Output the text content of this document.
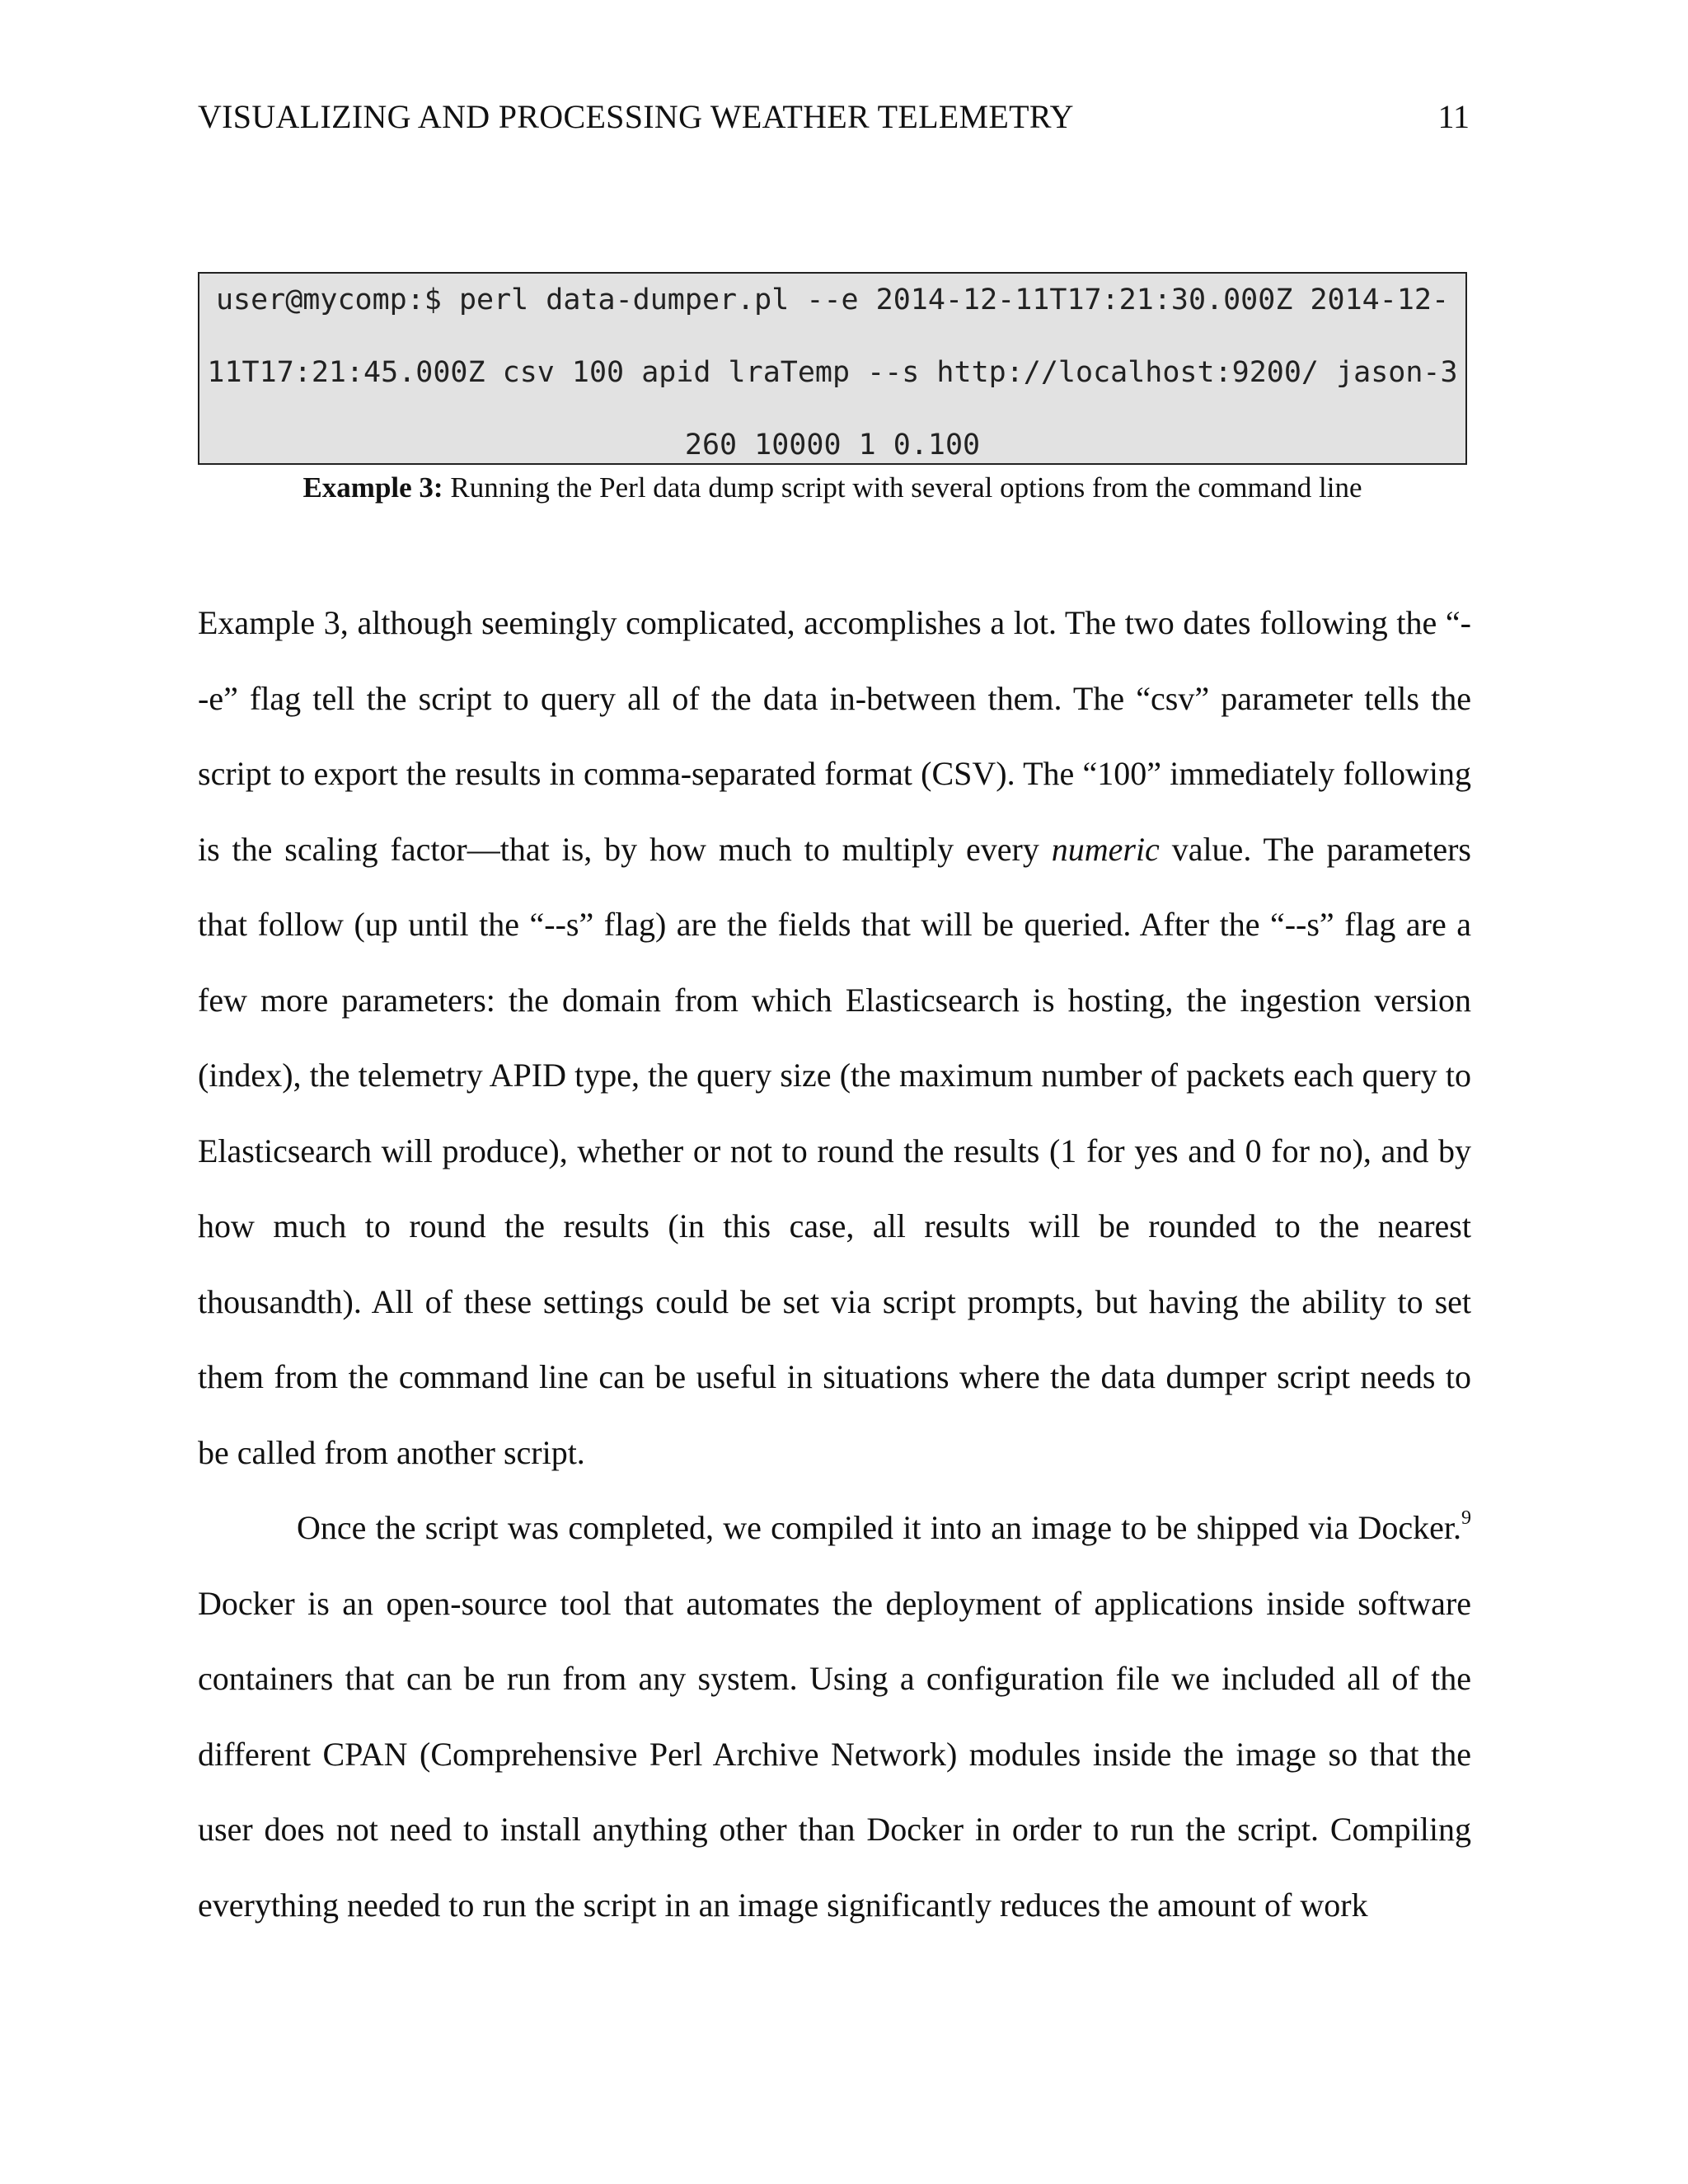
VISUALIZING AND PROCESSING WEATHER TELEMETRY	11
user@mycomp:$ perl data-dumper.pl --e 2014-12-11T17:21:30.000Z 2014-12-
11T17:21:45.000Z csv 100 apid lraTemp --s http://localhost:9200/ jason-3
260 10000 1 0.100
Example 3: Running the Perl data dump script with several options from the command line

Example 3, although seemingly complicated, accomplishes a lot. The two dates following the “--e” flag tell the script to query all of the data in-between them. The “csv” parameter tells the script to export the results in comma-separated format (CSV). The “100” immediately following is the scaling factor—that is, by how much to multiply every numeric value. The parameters that follow (up until the “--s” flag) are the fields that will be queried. After the “--s” flag are a few more parameters: the domain from which Elasticsearch is hosting, the ingestion version (index), the telemetry APID type, the query size (the maximum number of packets each query to Elasticsearch will produce), whether or not to round the results (1 for yes and 0 for no), and by how much to round the results (in this case, all results will be rounded to the nearest thousandth). All of these settings could be set via script prompts, but having the ability to set them from the command line can be useful in situations where the data dumper script needs to be called from another script.

Once the script was completed, we compiled it into an image to be shipped via Docker.$^9$ Docker is an open-source tool that automates the deployment of applications inside software containers that can be run from any system. Using a configuration file we included all of the different CPAN (Comprehensive Perl Archive Network) modules inside the image so that the user does not need to install anything other than Docker in order to run the script. Compiling everything needed to run the script in an image significantly reduces the amount of work
